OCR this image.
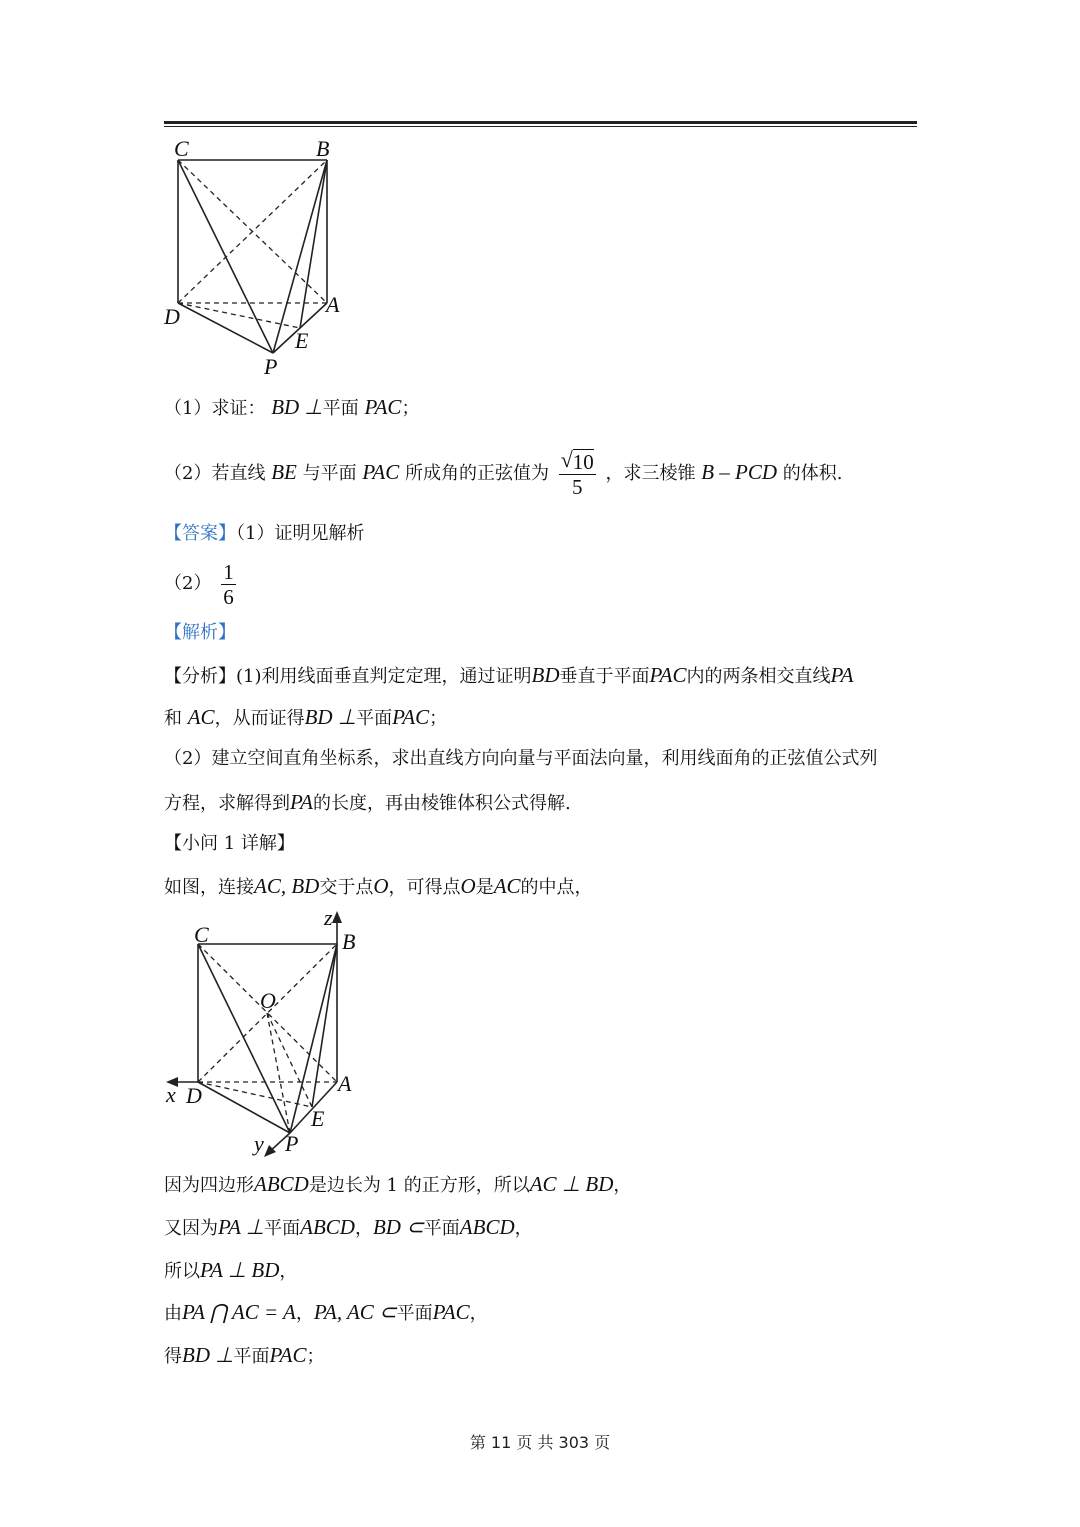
C	B
D	A
E
P
（1）求证： BD ⊥平面 PAC；
（2）若直线 BE 与平面 PAC 所成角的正弦值为 $\frac{√ 10}{5}$ ，求三棱锥 B – PCD 的体积.
【答案】（1）证明见解析
$(2) \frac{1}{6}$
【解析】
【分析】(1)利用线面垂直判定定理，通过证明BD垂直于平面PAC内的两条相交直线PA
和 AC，从而证得BD ⊥平面PAC；
（2）建立空间直角坐标系，求出直线方向向量与平面法向量，利用线面角的正弦值公式列
方程，求解得到PA的长度，再由棱锥体积公式得解.
【小问 1 详解】
如图，连接AC, BD交于点O，可得点O是AC的中点，
C	B
O
z
x D	A
E
y P
因为四边形ABCD是边长为 1 的正方形，所以AC ⊥ BD，
又因为PA ⊥平面ABCD，BD ⊂平面ABCD，
所以PA ⊥ BD，
由PA ⋂ AC = A，PA, AC ⊂平面PAC，
得BD ⊥平面PAC；
第 11 页 共 303 页
